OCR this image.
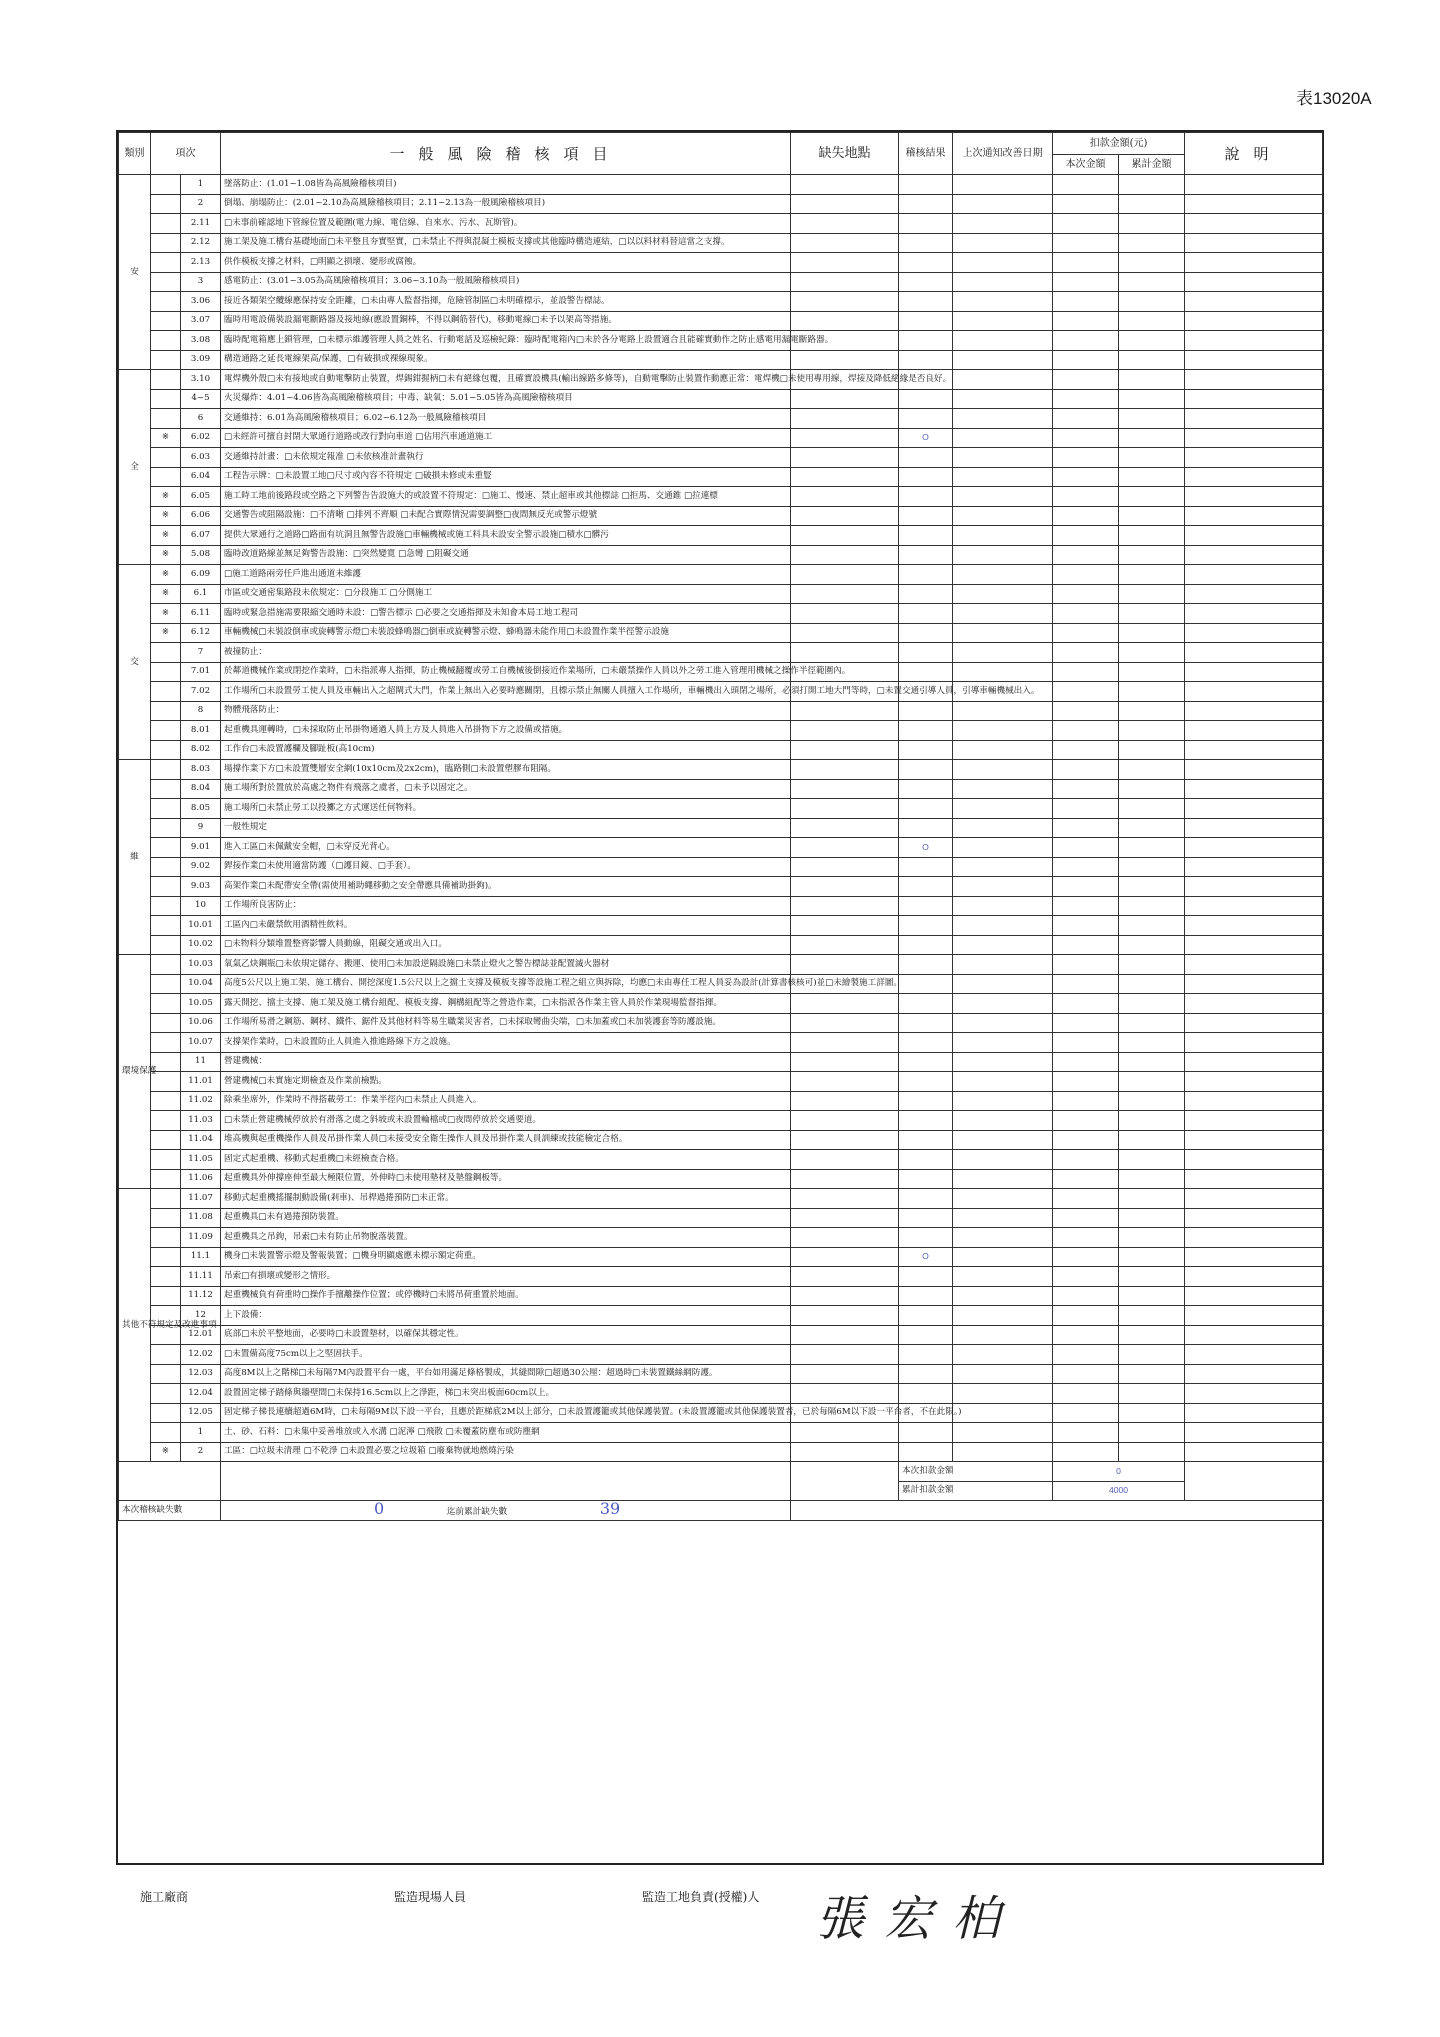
表13020A
類別	項次		一般風險稽核項目	缺失地點	稽核結果	上次通知改善日期	扣款金額(元)		說明
							本次金額	累計金額	
安		1	墜落防止：(1.01~1.08皆為高風險稽核項目)						
		2	倒塌、崩塌防止：(2.01~2.10為高風險稽核項目；2.11~2.13為一般風險稽核項目)						
		2.11	□未事前確認地下管線位置及範圍(電力線、電信線、自來水、污水、瓦斯管)。						
		2.12	施工架及施工構台基礎地面□未平整且夯實堅實，□未禁止不得與混凝土模板支撐或其他臨時構造連結，□以以料材料替這當之支撐。						
		2.13	供作模板支撐之材料，□明顯之損壞、變形或腐蝕。						
		3	感電防止：(3.01~3.05為高風險稽核項目；3.06~3.10為一般風險稽核項目)						
		3.06	接近各類架空纜線應保持安全距離，□未由專人監督指揮，危險管制區□未明確標示，並設警告標誌。						
		3.07	臨時用電設備裝設漏電斷路器及接地線(應設置銅棒，不得以鋼筋替代)，移動電線□未予以架高等措施。						
		3.08	臨時配電箱應上鎖管理，□未標示維護管理人員之姓名、行動電話及巡檢紀錄：臨時配電箱內□未於各分電路上設置適合且能確實動作之防止感電用漏電斷路器。						
		3.09	構造通路之延長電線架高/保護，□有破損或裸線現象。						
全		3.10	電焊機外殼□未有接地或自動電擊防止裝置，焊錫鉗握柄□未有絕緣包覆，且確實設機具(輸出線路多條等)，自動電擊防止裝置作動應正常：電焊機□未使用專用線，焊接及降低絕緣是否良好。						
		4~5	火災爆炸：4.01~4.06皆為高風險稽核項目；中毒、缺氧：5.01~5.05皆為高風險稽核項目						
		6	交通維持：6.01為高風險稽核項目；6.02~6.12為一般風險稽核項目						
	※	6.02	□未經許可擅自封閉大眾通行道路或改行對向車道 □佔用汽車通道施工		O				
		6.03	交通維持計畫：□未依規定報准 □未依核准計畫執行						
		6.04	工程告示牌：□未設置工地□尺寸或內容不符規定 □破損未修或未重豎						
	※	6.05	施工時工地前後路段或空路之下列警告告設施大的或設置不符規定：□施工、慢速、禁止超車或其他標誌 □拒馬、交通錐 □拉連標						
	※	6.06	交通警告或阻隔設施：□不清晰 □排列不齊順 □未配合實際情況需要調整□夜間無反光或警示燈號						
	※	6.07	提供大眾通行之道路□路面有坑洞且無警告設施□車輛機械或施工料具未設安全警示設施□積水□髒污						
	※	5.08	臨時改道路線並無足夠警告設施：□突然變寬 □急彎 □阻礙交通						
交	※	6.09	□施工道路兩旁任戶進出通道未維護						
	※	6.1	市區或交通密集路段未依規定：□分段施工 □分側施工						
	※	6.11	臨時或緊急措施需要限縮交通時未設：□警告標示 □必要之交通指揮及未知會本局工地工程司						
	※	6.12	車輛機械□未裝設倒車或旋轉警示燈□未裝設蜂鳴器□倒車或旋轉警示燈、蜂鳴器未能作用□未設置作業半徑警示設施						
		7	被撞防止：						
		7.01	於鄰道機械作業或閉挖作業時，□未指派專人指揮，防止機械翻覆或勞工自機械後倒接近作業場所，□未嚴禁操作人員以外之勞工進入管理用機械之操作半徑範圍內。						
		7.02	工作場所□未設置勞工使人員及車輛出入之超閘式大門，作業上無出入必要時應關閉，且標示禁止無關人員擅入工作場所，車輛機出入頭閉之場所，必須打開工地大門等時，□未置交通引導人員，引導車輛機械出入。						
		8	物體飛落防止：						
		8.01	起重機具運轉時，□未採取防止吊掛物通過人員上方及人員進入吊掛物下方之設備或措施。						
		8.02	工作台□未設置護欄及腳趾板(高10cm)						
維		8.03	場撐作業下方□未設置雙層安全網(10x10cm及2x2cm)，臨路側□未設置塑膠布阻隔。						
		8.04	施工場所對於置放於高處之物件有飛落之虞者，□未予以固定之。						
		8.05	施工場所□未禁止勞工以投擲之方式運送任何物料。						
		9	一般性規定						
		9.01	進入工區□未佩戴安全帽，□未穿反光背心。		O				
		9.02	銲接作業□未使用適當防護（□護目鏡、□手套）。						
		9.03	高架作業□未配帶安全帶(需使用補助繩移動之安全帶應具備補助掛鉤)。						
		10	工作場所良害防止：						
		10.01	工區內□未嚴禁飲用酒精性飲料。						
		10.02	□未物料分類堆置整齊影響人員動線，阻礙交通或出入口。						
環境保護		10.03	氧氣乙炔鋼瓶□未依規定儲存、搬運、使用□未加設逆隔設施□未禁止燈火之警告標誌並配置滅火器材						
		10.04	高度5公尺以上施工架、施工構台、開挖深度1.5公尺以上之擋土支撐及模板支撐等設施工程之組立與拆除，均應□未由專任工程人員妥為設計(計算書核核可)並□未繪製施工詳圖。						
		10.05	露天開挖、擋土支撐、施工架及施工構台組配、模板支撐、鋼構組配等之營造作業，□未指派各作業主管人員於作業現場監督指揮。						
		10.06	工作場所易滑之鋼筋、鋼材、鐵件、鋸件及其他材料等易生職業災害者，□未採取彎曲尖端，□未加蓋或□未加裝護套等防護設施。						
		10.07	支撐架作業時，□未設置防止人員進入推進路線下方之設施。						
		11	營建機械：						
		11.01	營建機械□未實施定期檢查及作業前檢點。						
		11.02	除乘坐席外，作業時不得搭載勞工：作業半徑內□未禁止人員進入。						
		11.03	□未禁止營建機械停放於有滑落之虞之斜坡或未設置輪檔或□夜間停放於交通要道。						
		11.04	堆高機與起重機操作人員及吊掛作業人員□未接受安全衛生操作人員及吊掛作業人員訓練或技能檢定合格。						
		11.05	固定式起重機、移動式起重機□未經檢查合格。						
		11.06	起重機具外伸撐座伸至最大極限位置，外伸時□未使用墊材及墊盤鋼板等。						
其他不符規定及改進事項		11.07	移動式起重機搖擺制動設備(剎車)、吊桿過捲預防□未正常。						
		11.08	起重機具□未有過捲預防裝置。						
		11.09	起重機具之吊鉤，吊索□未有防止吊物脫落裝置。						
		11.1	機身□未裝置警示燈及警報裝置；□機身明顯處應未標示額定荷重。		O				
		11.11	吊索□有損壞或變形之情形。						
		11.12	起重機械負有荷重時□操作手擅離操作位置；或停機時□未將吊荷重置於地面。						
		12	上下設備：						
		12.01	底部□未於平整地面，必要時□未設置墊材，以確保其穩定性。						
		12.02	□未置備高度75cm以上之堅固扶手。						
		12.03	高度8M以上之階梯□未每隔7M內設置平台一處，平台如用滿足條格製成，其縫間隙□超過30公厘：超過時□未裝置鐵絲網防護。						
		12.04	設置固定梯子踏條與牆壁間□未保持16.5cm以上之淨距，梯□未突出板面60cm以上。						
		12.05	固定梯子梯長連續超過6M時，□未每隔9M以下設一平台，且應於距梯底2M以上部分，□未設置護籠或其他保護裝置。(未設置護籠或其他保護裝置者，已於每隔6M以下設一平台者，不在此限。)						
		1	土、砂、石料：□未集中妥善堆放或入水溝 □泥濘 □飛散 □未覆蓋防塵布或防塵網						
	※	2	工區：□垃圾未清理 □不乾淨 □未設置必要之垃圾箱 □廢棄物就地燃燒污染						
					本次扣款金額		0		
					累計扣款金額		4000		
本次稽核缺失數			0 迄前累計缺失數 39						
施工廠商	監造現場人員	監造工地負責(授權)人 張宏柏
